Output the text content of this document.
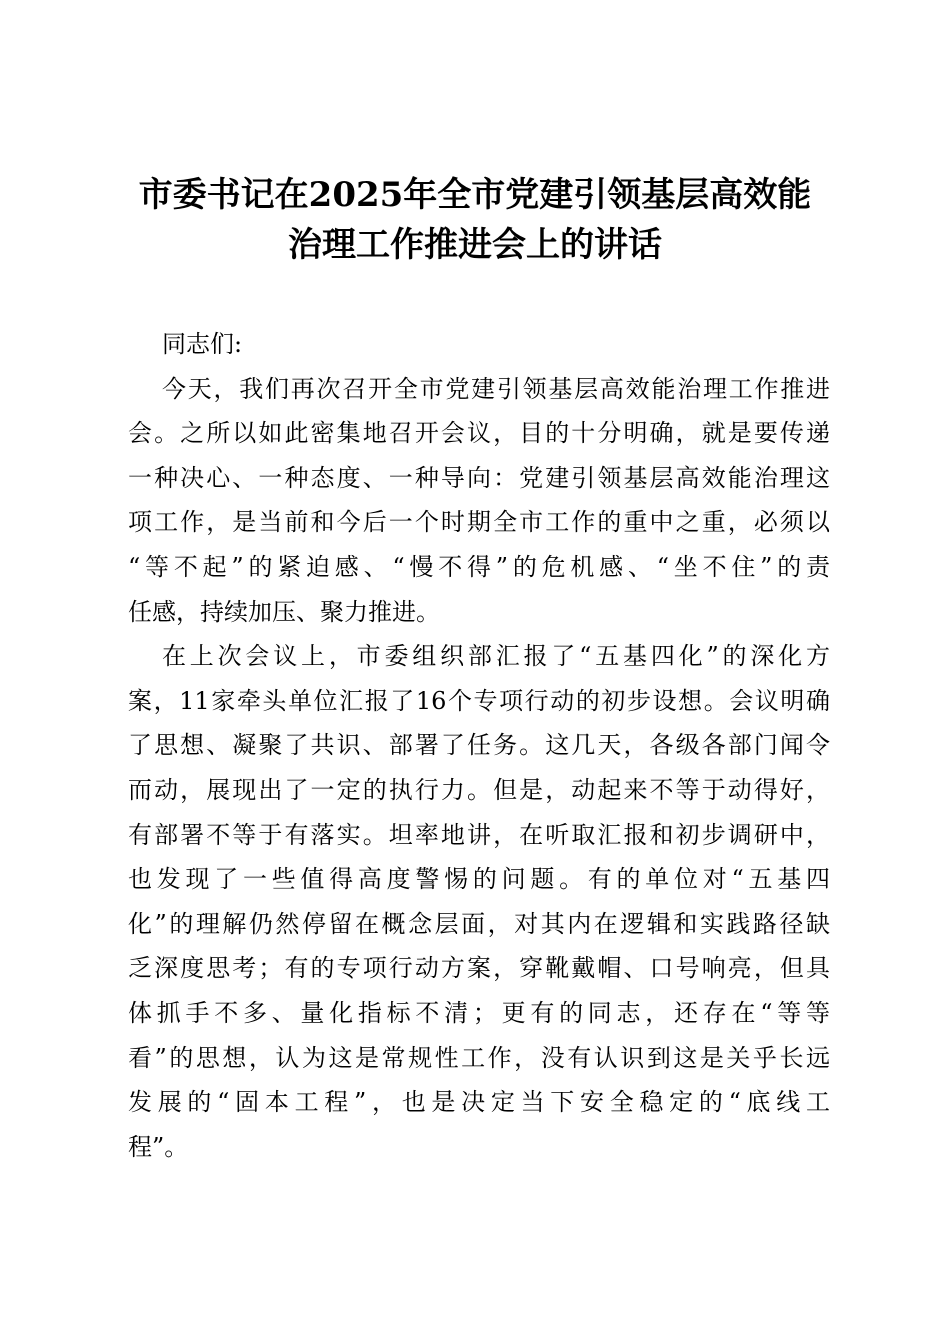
市委书记在2025年全市党建引领基层高效能
治理工作推进会上的讲话
同志们:
今天，我们再次召开全市党建引领基层高效能治理工作推进
会。之所以如此密集地召开会议，目的十分明确，就是要传递
一种决心、一种态度、一种导向：党建引领基层高效能治理这
项工作，是当前和今后一个时期全市工作的重中之重，必须以
“等不起”的紧迫感、“慢不得”的危机感、“坐不住”的责
任感，持续加压、聚力推进。
在上次会议上，市委组织部汇报了“五基四化”的深化方
案，11家牵头单位汇报了16个专项行动的初步设想。会议明确
了思想、凝聚了共识、部署了任务。这几天，各级各部门闻令
而动，展现出了一定的执行力。但是，动起来不等于动得好，
有部署不等于有落实。坦率地讲，在听取汇报和初步调研中，
也发现了一些值得高度警惕的问题。有的单位对“五基四
化”的理解仍然停留在概念层面，对其内在逻辑和实践路径缺
乏深度思考；有的专项行动方案，穿靴戴帽、口号响亮，但具
体抓手不多、量化指标不清；更有的同志，还存在“等等
看”的思想，认为这是常规性工作，没有认识到这是关乎长远
发展的“固本工程”，也是决定当下安全稳定的“底线工
程”。
